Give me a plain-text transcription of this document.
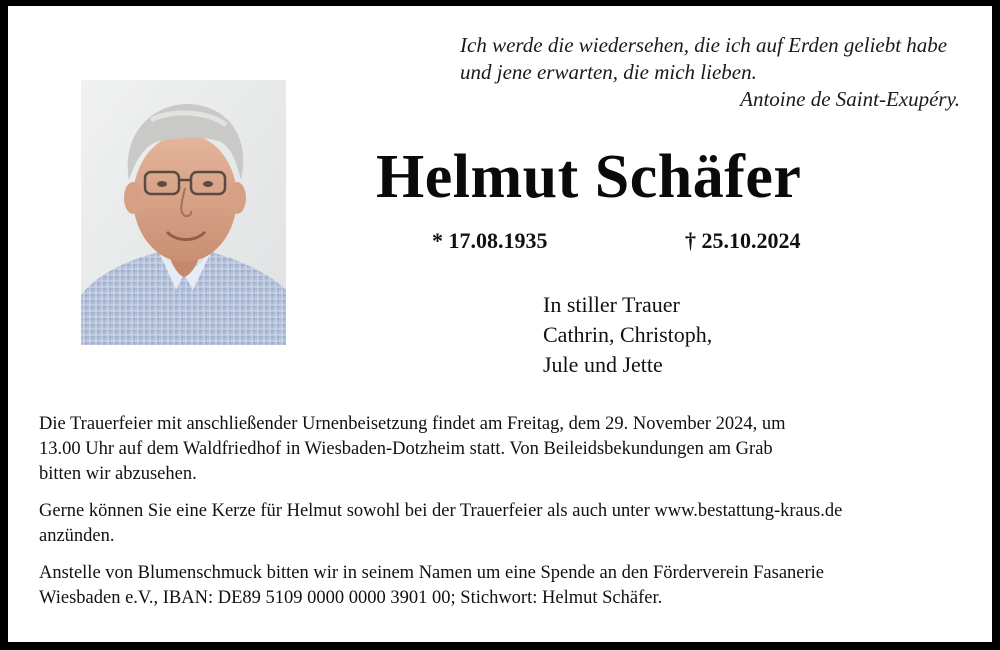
Ich werde die wiedersehen, die ich auf Erden geliebt habe
und jene erwarten, die mich lieben.
Antoine de Saint-Exupéry.
Helmut Schäfer
* 17.08.1935	† 25.10.2024
In stiller Trauer
Cathrin, Christoph,
Jule und Jette

Die Trauerfeier mit anschließender Urnenbeisetzung findet am Freitag, dem 29. November 2024, um
13.00 Uhr auf dem Waldfriedhof in Wiesbaden-Dotzheim statt. Von Beileidsbekundungen am Grab
bitten wir abzusehen.

Gerne können Sie eine Kerze für Helmut sowohl bei der Trauerfeier als auch unter www.bestattung-kraus.de
anzünden.

Anstelle von Blumenschmuck bitten wir in seinem Namen um eine Spende an den Förderverein Fasanerie
Wiesbaden e.V., IBAN: DE89 5109 0000 0000 3901 00; Stichwort: Helmut Schäfer.
